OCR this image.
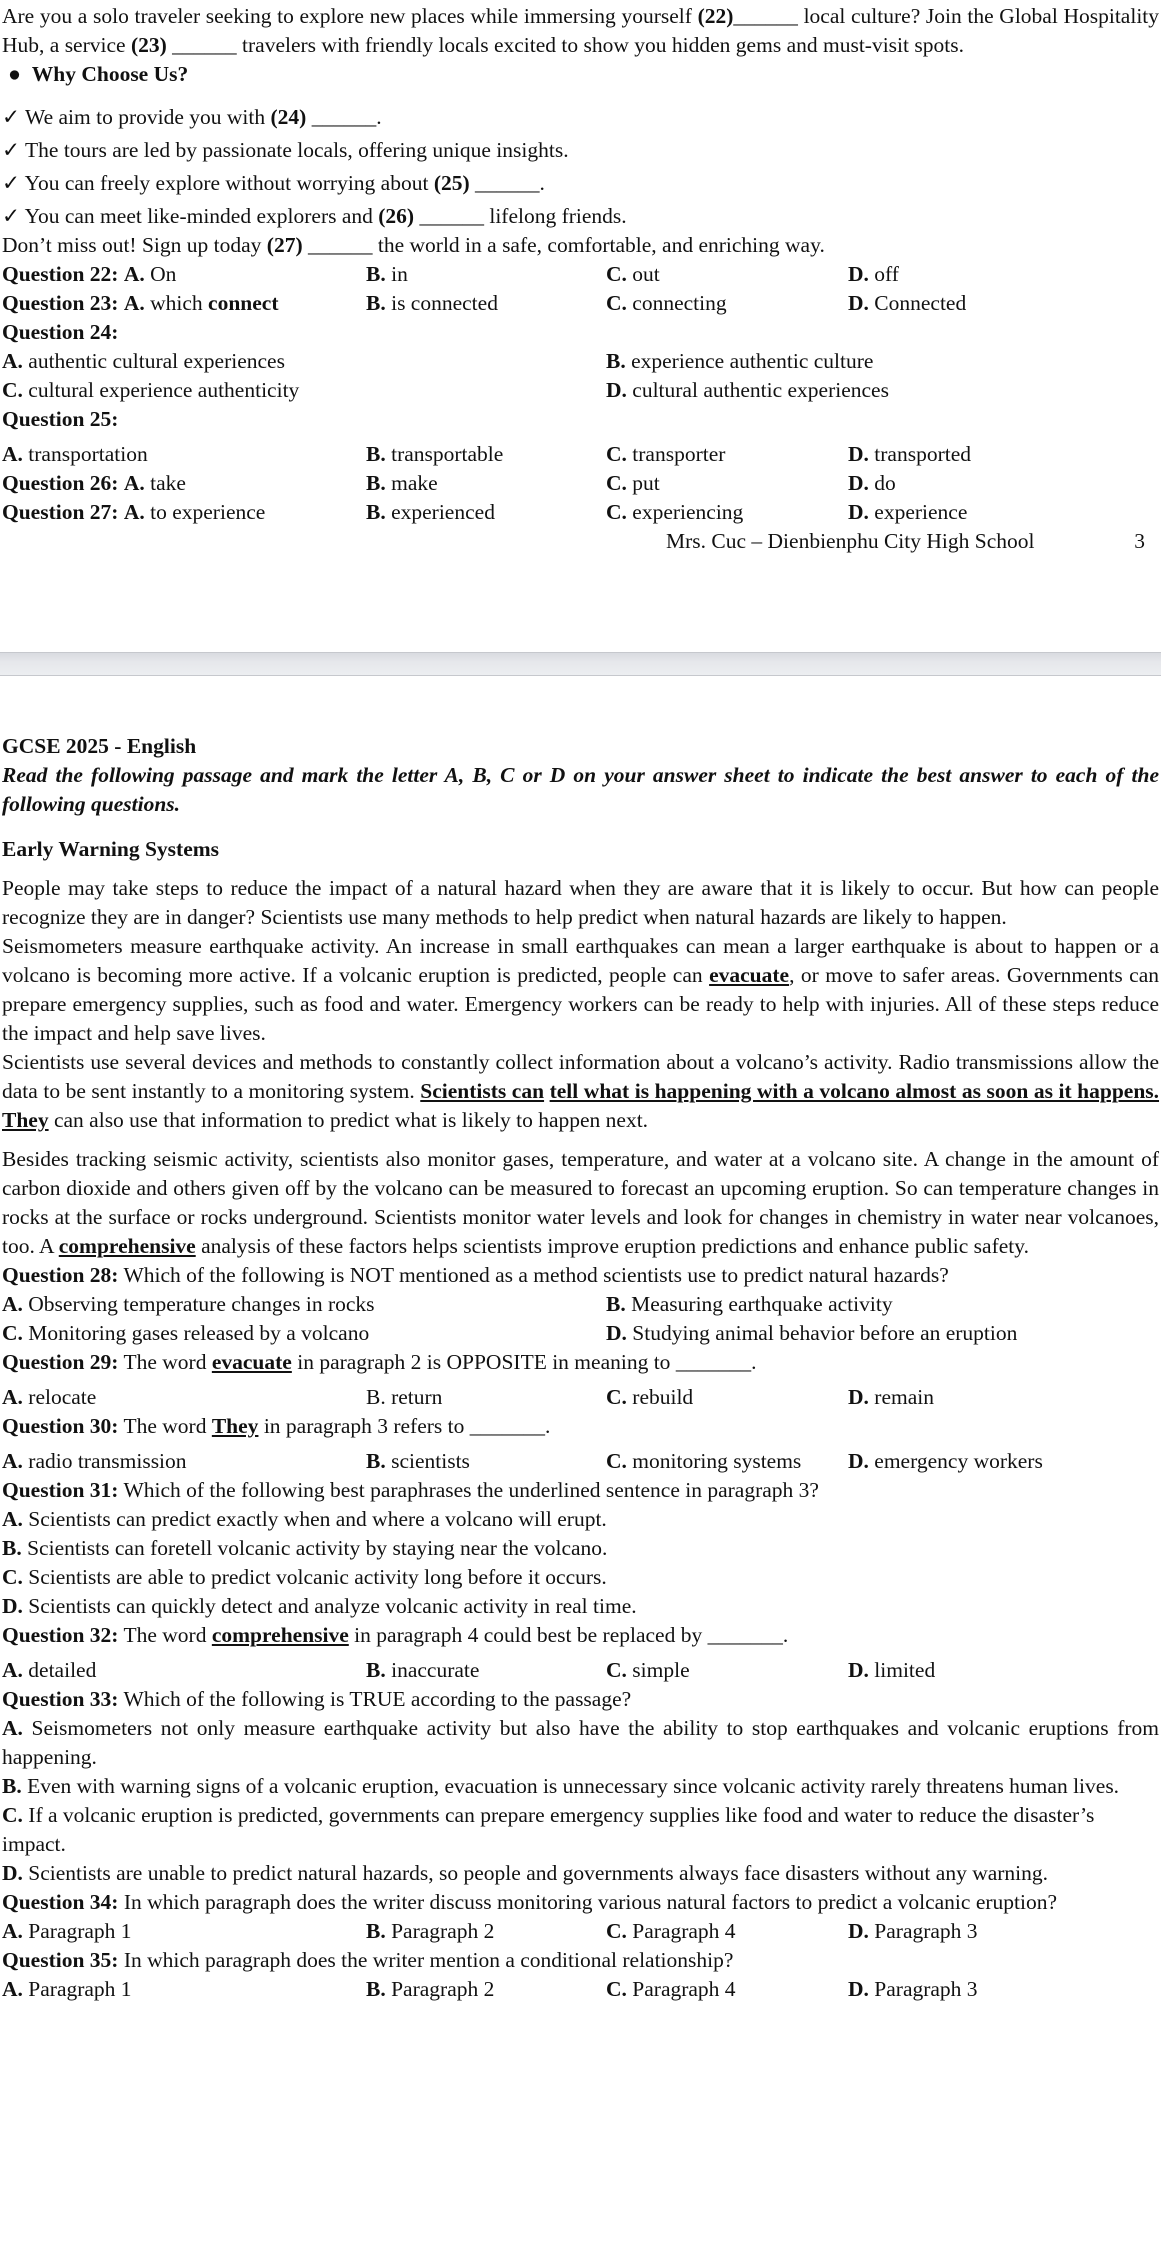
Are you a solo traveler seeking to explore new places while immersing yourself (22)______ local culture? Join the Global Hospitality Hub, a service (23) ______ travelers with friendly locals excited to show you hidden gems and must-visit spots.

● Why Choose Us?

✓ We aim to provide you with (24) ______.

✓ The tours are led by passionate locals, offering unique insights.

✓ You can freely explore without worrying about (25) ______.

✓ You can meet like-minded explorers and (26) ______ lifelong friends.

Don’t miss out! Sign up today (27) ______ the world in a safe, comfortable, and enriching way.

Question 22: A. On	B. in	C. out	D. off
Question 23: A. which connect	B. is connected	C. connecting	D. Connected

Question 24:

A. authentic cultural experiences	B. experience authentic culture
C. cultural experience authenticity	D. cultural authentic experiences

Question 25:

A. transportation	B. transportable	C. transporter	D. transported
Question 26: A. take	B. make	C. put	D. do
Question 27: A. to experience	B. experienced	C. experiencing	D. experience
Mrs. Cuc – Dienbienphu City High School	3

GCSE 2025 - English

Read the following passage and mark the letter A, B, C or D on your answer sheet to indicate the best answer to each of the following questions.

Early Warning Systems

People may take steps to reduce the impact of a natural hazard when they are aware that it is likely to occur. But how can people recognize they are in danger? Scientists use many methods to help predict when natural hazards are likely to happen.

Seismometers measure earthquake activity. An increase in small earthquakes can mean a larger earthquake is about to happen or a volcano is becoming more active. If a volcanic eruption is predicted, people can evacuate, or move to safer areas. Governments can prepare emergency supplies, such as food and water. Emergency workers can be ready to help with injuries. All of these steps reduce the impact and help save lives.

Scientists use several devices and methods to constantly collect information about a volcano’s activity. Radio transmissions allow the data to be sent instantly to a monitoring system. Scientists can tell what is happening with a volcano almost as soon as it happens. They can also use that information to predict what is likely to happen next.

Besides tracking seismic activity, scientists also monitor gases, temperature, and water at a volcano site. A change in the amount of carbon dioxide and others given off by the volcano can be measured to forecast an upcoming eruption. So can temperature changes in rocks at the surface or rocks underground. Scientists monitor water levels and look for changes in chemistry in water near volcanoes, too. A comprehensive analysis of these factors helps scientists improve eruption predictions and enhance public safety.

Question 28: Which of the following is NOT mentioned as a method scientists use to predict natural hazards?

A. Observing temperature changes in rocks	B. Measuring earthquake activity
C. Monitoring gases released by a volcano	D. Studying animal behavior before an eruption

Question 29: The word evacuate in paragraph 2 is OPPOSITE in meaning to _______.

A. relocate	B. return	C. rebuild	D. remain

Question 30: The word They in paragraph 3 refers to _______.

A. radio transmission	B. scientists	C. monitoring systems	D. emergency workers

Question 31: Which of the following best paraphrases the underlined sentence in paragraph 3?

A. Scientists can predict exactly when and where a volcano will erupt.

B. Scientists can foretell volcanic activity by staying near the volcano.

C. Scientists are able to predict volcanic activity long before it occurs.

D. Scientists can quickly detect and analyze volcanic activity in real time.

Question 32: The word comprehensive in paragraph 4 could best be replaced by _______.

A. detailed	B. inaccurate	C. simple	D. limited

Question 33: Which of the following is TRUE according to the passage?

A. Seismometers not only measure earthquake activity but also have the ability to stop earthquakes and volcanic eruptions from happening.

B. Even with warning signs of a volcanic eruption, evacuation is unnecessary since volcanic activity rarely threatens human lives.

C. If a volcanic eruption is predicted, governments can prepare emergency supplies like food and water to reduce the disaster’s impact.

D. Scientists are unable to predict natural hazards, so people and governments always face disasters without any warning.

Question 34: In which paragraph does the writer discuss monitoring various natural factors to predict a volcanic eruption?

A. Paragraph 1	B. Paragraph 2	C. Paragraph 4	D. Paragraph 3

Question 35: In which paragraph does the writer mention a conditional relationship?

A. Paragraph 1	B. Paragraph 2	C. Paragraph 4	D. Paragraph 3
